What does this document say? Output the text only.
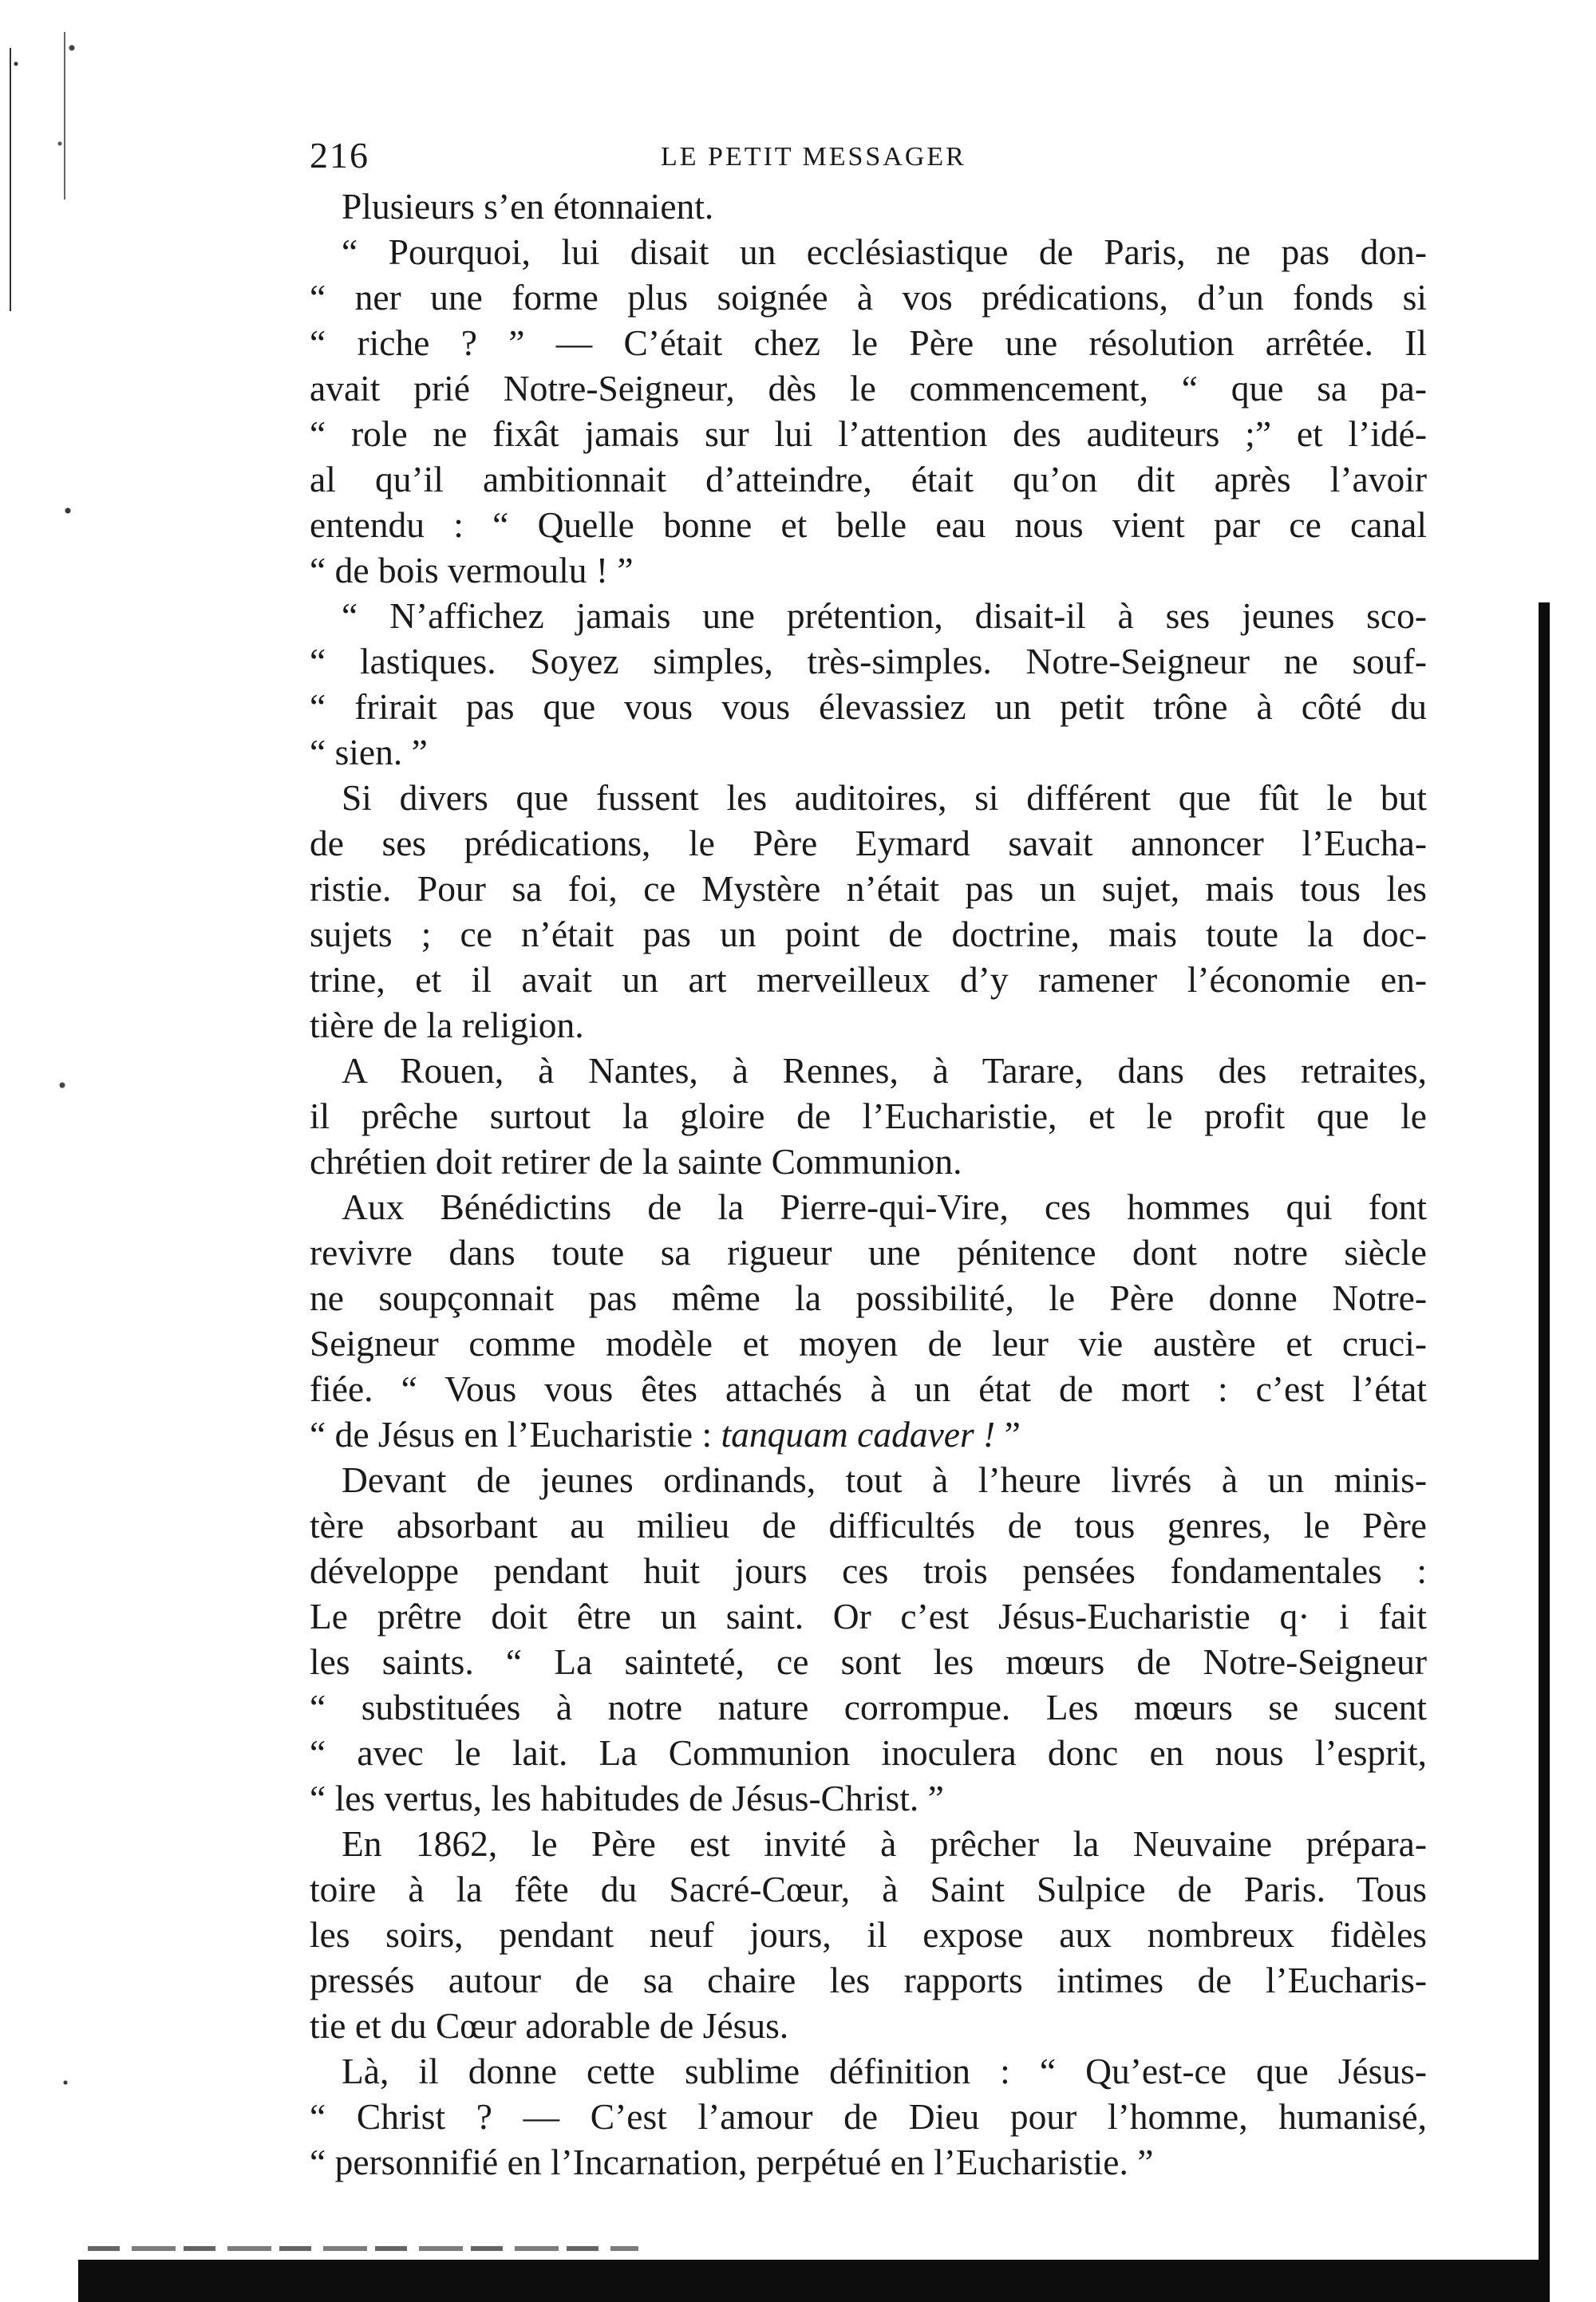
216	LE PETIT MESSAGER
Plusieurs s’en étonnaient.
“ Pourquoi, lui disait un ecclésiastique de Paris, ne pas don-
“ ner une forme plus soignée à vos prédications, d’un fonds si
“ riche ? ” — C’était chez le Père une résolution arrêtée. Il
avait prié Notre-Seigneur, dès le commencement, “ que sa pa-
“ role ne fixât jamais sur lui l’attention des auditeurs ;” et l’idé-
al qu’il ambitionnait d’atteindre, était qu’on dit après l’avoir
entendu : “ Quelle bonne et belle eau nous vient par ce canal
“ de bois vermoulu ! ”
“ N’affichez jamais une prétention, disait-il à ses jeunes sco-
“ lastiques. Soyez simples, très-simples. Notre-Seigneur ne souf-
“ frirait pas que vous vous élevassiez un petit trône à côté du
“ sien. ”
Si divers que fussent les auditoires, si différent que fût le but
de ses prédications, le Père Eymard savait annoncer l’Eucha-
ristie. Pour sa foi, ce Mystère n’était pas un sujet, mais tous les
sujets ; ce n’était pas un point de doctrine, mais toute la doc-
trine, et il avait un art merveilleux d’y ramener l’économie en-
tière de la religion.
A Rouen, à Nantes, à Rennes, à Tarare, dans des retraites,
il prêche surtout la gloire de l’Eucharistie, et le profit que le
chrétien doit retirer de la sainte Communion.
Aux Bénédictins de la Pierre-qui-Vire, ces hommes qui font
revivre dans toute sa rigueur une pénitence dont notre siècle
ne soupçonnait pas même la possibilité, le Père donne Notre-
Seigneur comme modèle et moyen de leur vie austère et cruci-
fiée. “ Vous vous êtes attachés à un état de mort : c’est l’état
“ de Jésus en l’Eucharistie : tanquam cadaver ! ”
Devant de jeunes ordinands, tout à l’heure livrés à un minis-
tère absorbant au milieu de difficultés de tous genres, le Père
développe pendant huit jours ces trois pensées fondamentales :
Le prêtre doit être un saint. Or c’est Jésus-Eucharistie q· i fait
les saints. “ La sainteté, ce sont les mœurs de Notre-Seigneur
“ substituées à notre nature corrompue. Les mœurs se sucent
“ avec le lait. La Communion inoculera donc en nous l’esprit,
“ les vertus, les habitudes de Jésus-Christ. ”
En 1862, le Père est invité à prêcher la Neuvaine prépara-
toire à la fête du Sacré-Cœur, à Saint Sulpice de Paris. Tous
les soirs, pendant neuf jours, il expose aux nombreux fidèles
pressés autour de sa chaire les rapports intimes de l’Eucharis-
tie et du Cœur adorable de Jésus.
Là, il donne cette sublime définition : “ Qu’est-ce que Jésus-
“ Christ ? — C’est l’amour de Dieu pour l’homme, humanisé,
“ personnifié en l’Incarnation, perpétué en l’Eucharistie. ”
